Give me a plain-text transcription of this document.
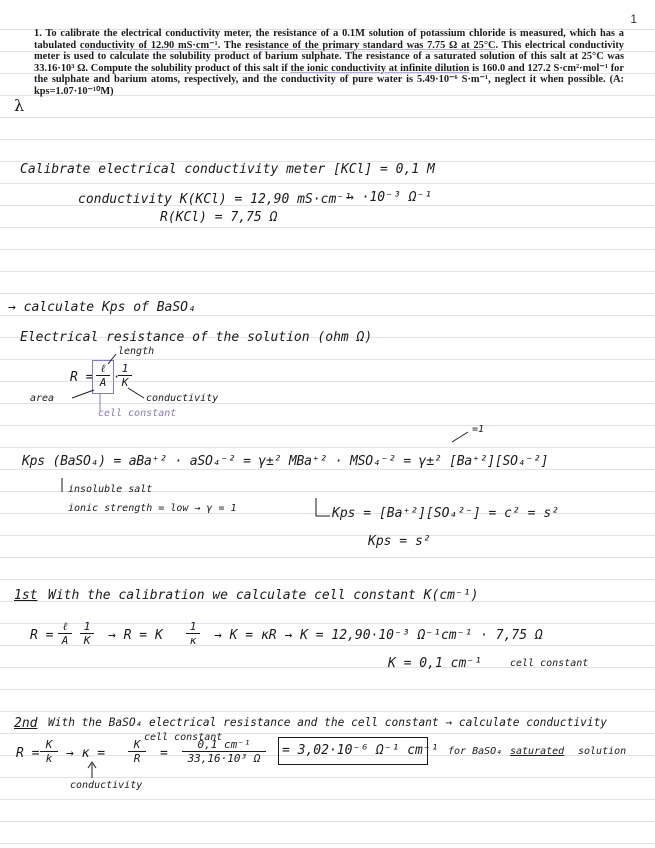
1
1. To calibrate the electrical conductivity meter, the resistance of a 0.1M solution of potassium chloride is measured, which has a tabulated conductivity of 12.90 mS·cm⁻¹. The resistance of the primary standard was 7.75 Ω at 25°C. This electrical conductivity meter is used to calculate the solubility product of barium sulphate. The resistance of a saturated solution of this salt at 25°C was 33.16·10³ Ω. Compute the solubility product of this salt if the ionic conductivity at infinite dilution is 160.0 and 127.2 S·cm²·mol⁻¹ for the sulphate and barium atoms, respectively, and the conductivity of pure water is 5.49·10⁻⁶ S·m⁻¹, neglect it when possible. (A: kps=1.07·10⁻¹⁰M)
λ
Calibrate electrical conductivity meter [KCl] = 0,1 M
conductivity K(KCl) = 12,90 mS·cm⁻¹
→ ·10⁻³ Ω⁻¹
R(KCl) = 7,75 Ω
→ calculate Kps of BaSO₄
Electrical resistance of the solution (ohm Ω)
length
R =
ℓ
A ·
$\frac{1}{K}$
area	conductivity
cell constant
=1
Kps (BaSO₄) = aBa⁺² · aSO₄⁻² = γ±² MBa⁺² · MSO₄⁻² = γ±² [Ba⁺²][SO₄⁻²]
insoluble salt
ionic strength = low → γ = 1	Kps = [Ba⁺²][SO₄²⁻] = c² = s²
Kps = s²
1st With the calibration we calculate cell constant K(cm⁻¹)
R =
ℓ
A	$\frac{1}{K} \to R = K \frac{1}{\kappa} \to K = \kappa R \to K = 12,90\cdot 10^{-3}$ Ω⁻¹cm⁻¹ · 7,75 Ω
K = 0,1 cm⁻¹	cell constant
2nd With the BaSO₄ electrical resistance and the cell constant → calculate conductivity
cell constant
$R = \frac{K}{k} \to \kappa = \frac{K}{R} = \frac{\text{0,1 cm⁻¹}}{\text{33,16·10³ Ω}} = 3,02\cdot 10^{-6}$ Ω⁻¹ cm⁻¹ for BaSO₄ saturated solution
conductivity
